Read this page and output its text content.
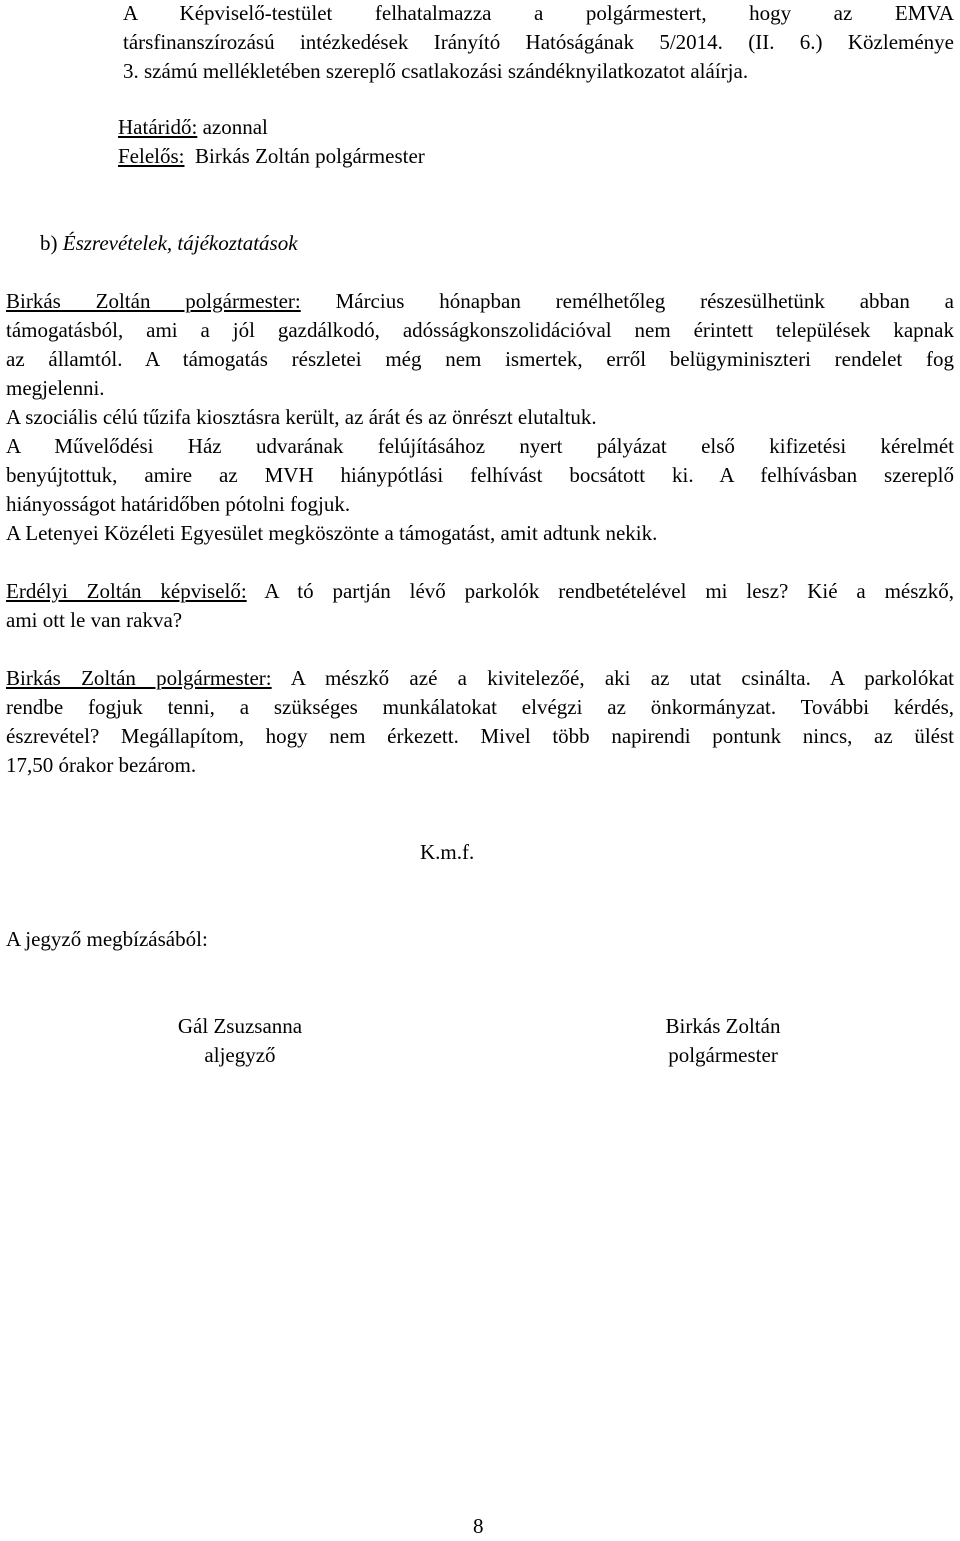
A Képviselő-testület felhatalmazza a polgármestert, hogy az EMVA

társfinanszírozású intézkedések Irányító Hatóságának 5/2014. (II. 6.) Közleménye

3. számú mellékletében szereplő csatlakozási szándéknyilatkozatot aláírja.

Határidő: azonnal

Felelős: Birkás Zoltán polgármester

b) Észrevételek, tájékoztatások

Birkás Zoltán polgármester: Március hónapban remélhetőleg részesülhetünk abban a

támogatásból, ami a jól gazdálkodó, adósságkonszolidációval nem érintett települések kapnak

az államtól. A támogatás részletei még nem ismertek, erről belügyminiszteri rendelet fog

megjelenni.

A szociális célú tűzifa kiosztásra került, az árát és az önrészt elutaltuk.

A Művelődési Ház udvarának felújításához nyert pályázat első kifizetési kérelmét

benyújtottuk, amire az MVH hiánypótlási felhívást bocsátott ki. A felhívásban szereplő

hiányosságot határidőben pótolni fogjuk.

A Letenyei Közéleti Egyesület megköszönte a támogatást, amit adtunk nekik.

Erdélyi Zoltán képviselő: A tó partján lévő parkolók rendbetételével mi lesz? Kié a mészkő,

ami ott le van rakva?

Birkás Zoltán polgármester: A mészkő azé a kivitelezőé, aki az utat csinálta. A parkolókat

rendbe fogjuk tenni, a szükséges munkálatokat elvégzi az önkormányzat. További kérdés,

észrevétel? Megállapítom, hogy nem érkezett. Mivel több napirendi pontunk nincs, az ülést

17,50 órakor bezárom.

K.m.f.

A jegyző megbízásából:

Gál Zsuzsanna

aljegyző

Birkás Zoltán

polgármester

8
